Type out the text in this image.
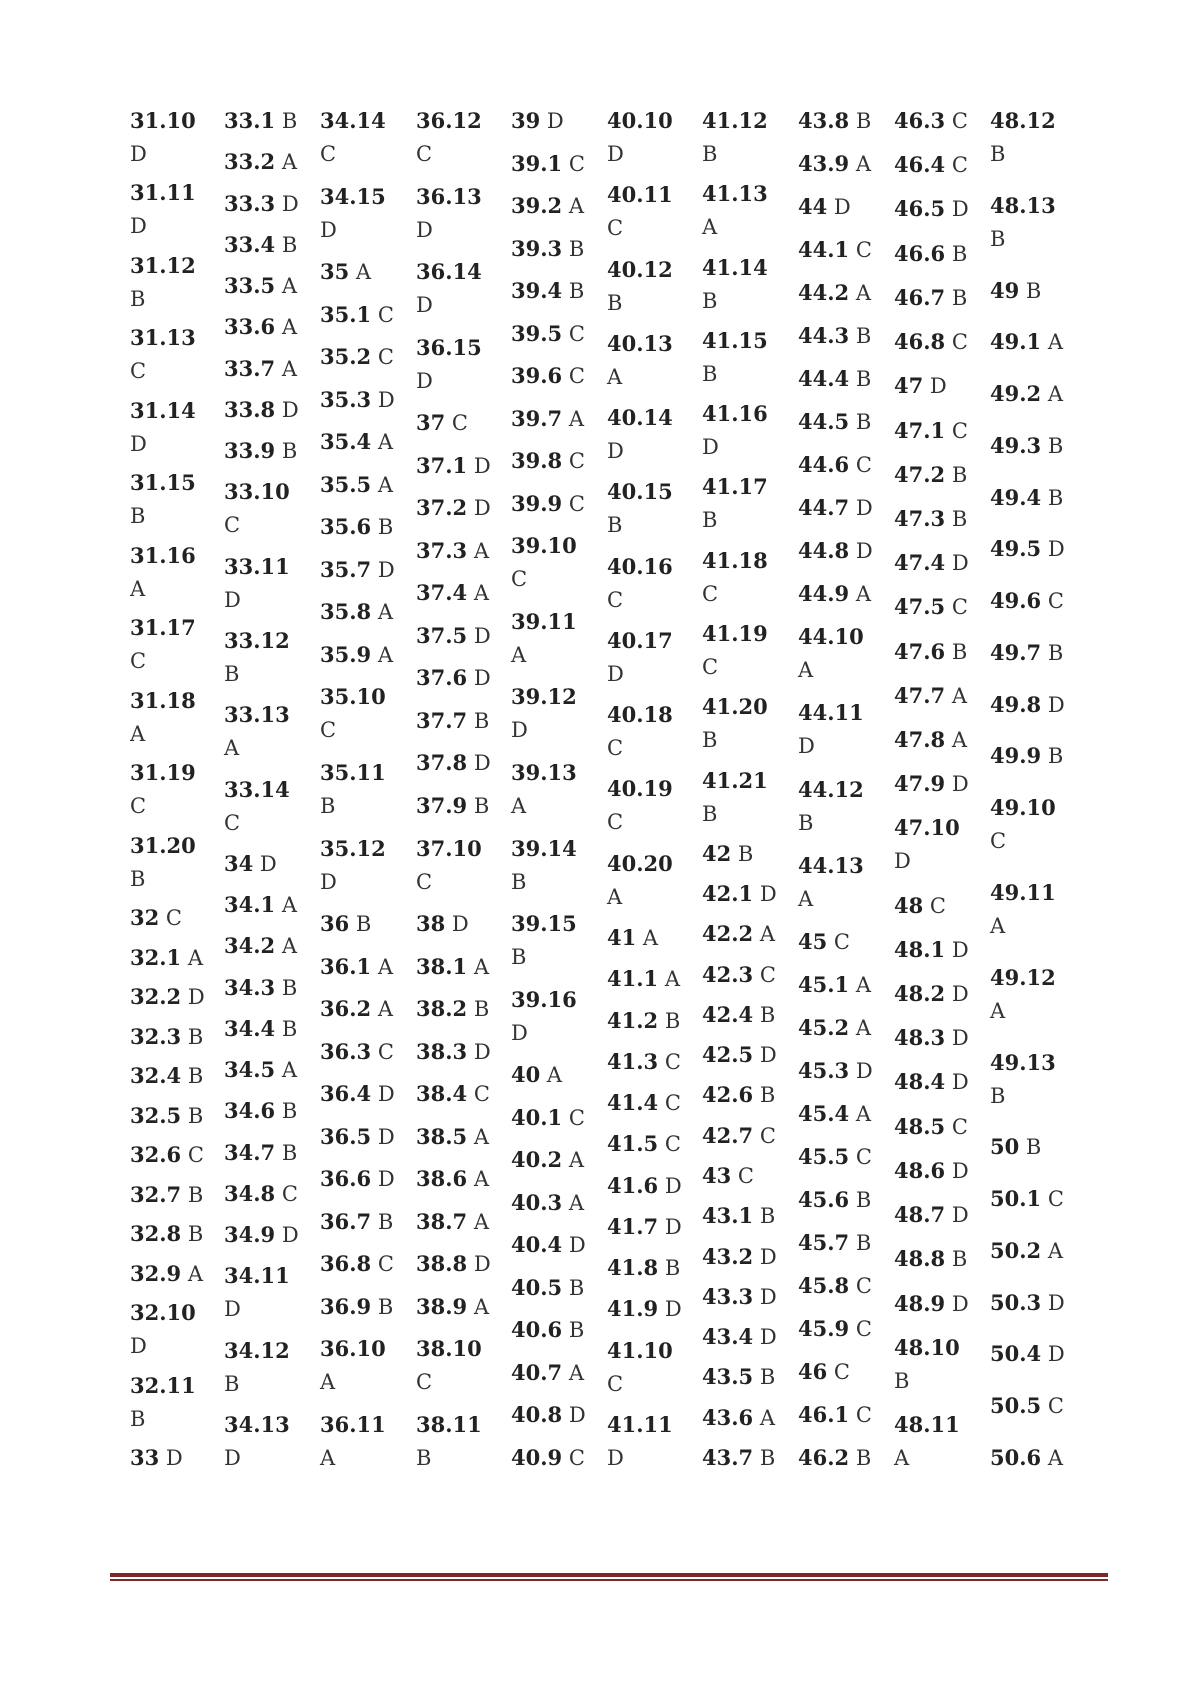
31.10
D
31.11
D
31.12
B
31.13
C
31.14
D
31.15
B
31.16
A
31.17
C
31.18
A
31.19
C
31.20
B
32 C
32.1 A
32.2 D
32.3 B
32.4 B
32.5 B
32.6 C
32.7 B
32.8 B
32.9 A
32.10
D
32.11
B
33 D
33.1 B
33.2 A
33.3 D
33.4 B
33.5 A
33.6 A
33.7 A
33.8 D
33.9 B
33.10
C
33.11
D
33.12
B
33.13
A
33.14
C
34 D
34.1 A
34.2 A
34.3 B
34.4 B
34.5 A
34.6 B
34.7 B
34.8 C
34.9 D
34.11
D
34.12
B
34.13
D
34.14
C
34.15
D
35 A
35.1 C
35.2 C
35.3 D
35.4 A
35.5 A
35.6 B
35.7 D
35.8 A
35.9 A
35.10
C
35.11
B
35.12
D
36 B
36.1 A
36.2 A
36.3 C
36.4 D
36.5 D
36.6 D
36.7 B
36.8 C
36.9 B
36.10
A
36.11
A
36.12
C
36.13
D
36.14
D
36.15
D
37 C
37.1 D
37.2 D
37.3 A
37.4 A
37.5 D
37.6 D
37.7 B
37.8 D
37.9 B
37.10
C
38 D
38.1 A
38.2 B
38.3 D
38.4 C
38.5 A
38.6 A
38.7 A
38.8 D
38.9 A
38.10
C
38.11
B
39 D
39.1 C
39.2 A
39.3 B
39.4 B
39.5 C
39.6 C
39.7 A
39.8 C
39.9 C
39.10
C
39.11
A
39.12
D
39.13
A
39.14
B
39.15
B
39.16
D
40 A
40.1 C
40.2 A
40.3 A
40.4 D
40.5 B
40.6 B
40.7 A
40.8 D
40.9 C
40.10
D
40.11
C
40.12
B
40.13
A
40.14
D
40.15
B
40.16
C
40.17
D
40.18
C
40.19
C
40.20
A
41 A
41.1 A
41.2 B
41.3 C
41.4 C
41.5 C
41.6 D
41.7 D
41.8 B
41.9 D
41.10
C
41.11
D
41.12
B
41.13
A
41.14
B
41.15
B
41.16
D
41.17
B
41.18
C
41.19
C
41.20
B
41.21
B
42 B
42.1 D
42.2 A
42.3 C
42.4 B
42.5 D
42.6 B
42.7 C
43 C
43.1 B
43.2 D
43.3 D
43.4 D
43.5 B
43.6 A
43.7 B
43.8 B
43.9 A
44 D
44.1 C
44.2 A
44.3 B
44.4 B
44.5 B
44.6 C
44.7 D
44.8 D
44.9 A
44.10
A
44.11
D
44.12
B
44.13
A
45 C
45.1 A
45.2 A
45.3 D
45.4 A
45.5 C
45.6 B
45.7 B
45.8 C
45.9 C
46 C
46.1 C
46.2 B
46.3 C
46.4 C
46.5 D
46.6 B
46.7 B
46.8 C
47 D
47.1 C
47.2 B
47.3 B
47.4 D
47.5 C
47.6 B
47.7 A
47.8 A
47.9 D
47.10
D
48 C
48.1 D
48.2 D
48.3 D
48.4 D
48.5 C
48.6 D
48.7 D
48.8 B
48.9 D
48.10
B
48.11
A
48.12
B
48.13
B
49 B
49.1 A
49.2 A
49.3 B
49.4 B
49.5 D
49.6 C
49.7 B
49.8 D
49.9 B
49.10
C
49.11
A
49.12
A
49.13
B
50 B
50.1 C
50.2 A
50.3 D
50.4 D
50.5 C
50.6 A
